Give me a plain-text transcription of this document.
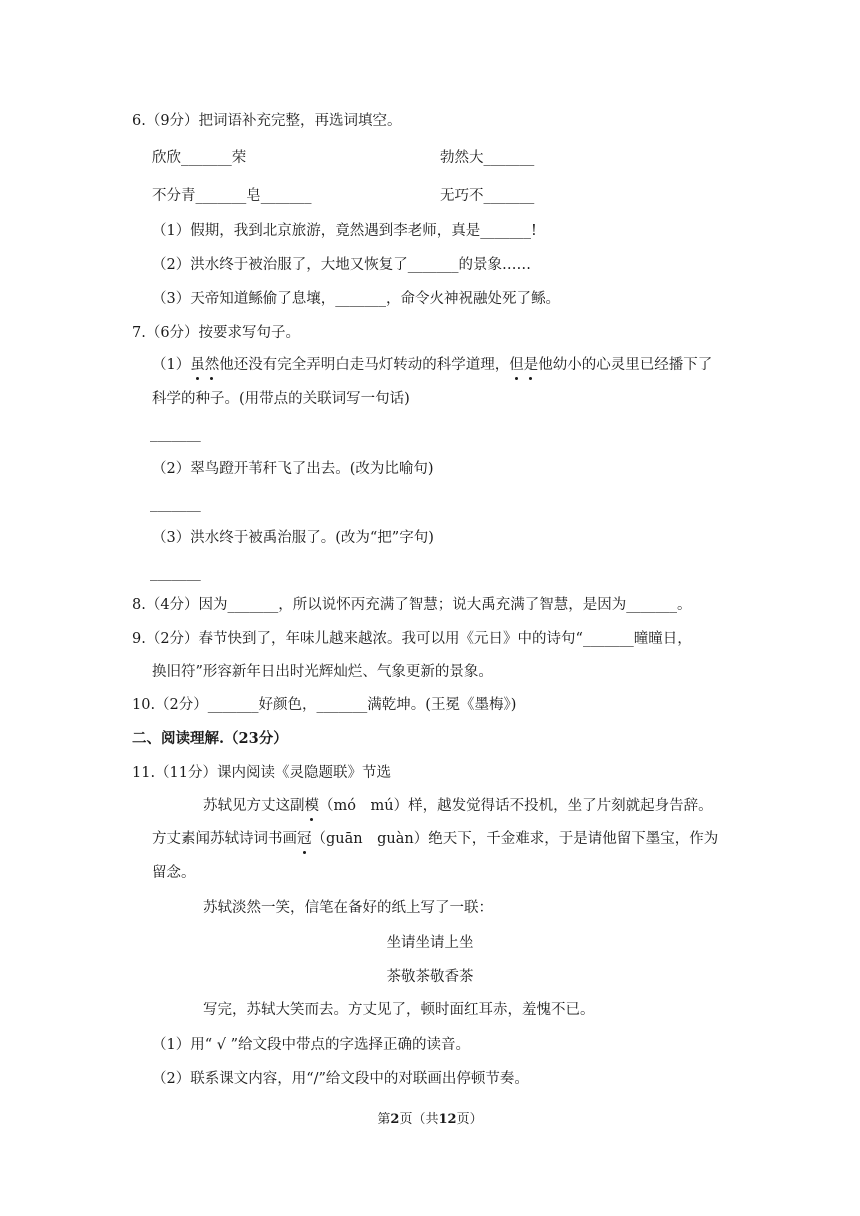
6.（9分）把词语补充完整，再选词填空。
欣欣_______荣	勃然大_______
不分青_______皂_______	无巧不_______
（1）假期，我到北京旅游，竟然遇到李老师，真是_______!
（2）洪水终于被治服了，大地又恢复了_______的景象……
（3）天帝知道鲧偷了息壤，_______，命令火神祝融处死了鲧。
7.（6分）按要求写句子。
（1）虽然他还没有完全弄明白走马灯转动的科学道理，但是他幼小的心灵里已经播下了
科学的种子。(用带点的关联词写一句话)
_______
（2）翠鸟蹬开苇秆飞了出去。(改为比喻句)
_______
（3）洪水终于被禹治服了。(改为“把”字句)
_______
8.（4分）因为_______，所以说怀丙充满了智慧；说大禹充满了智慧，是因为_______。
9.（2分）春节快到了，年味儿越来越浓。我可以用《元日》中的诗句“_______曈曈日，
换旧符”形容新年日出时光辉灿烂、气象更新的景象。
10.（2分）_______好颜色，_______满乾坤。(王冕《墨梅》)
二、阅读理解.（23分）
11.（11分）课内阅读《灵隐题联》节选
苏轼见方丈这副模（mó　mú）样，越发觉得话不投机，坐了片刻就起身告辞。
方丈素闻苏轼诗词书画冠（guān　guàn）绝天下，千金难求，于是请他留下墨宝，作为
留念。
苏轼淡然一笑，信笔在备好的纸上写了一联：
坐请坐请上坐
茶敬茶敬香茶
写完，苏轼大笑而去。方丈见了，顿时面红耳赤，羞愧不已。
（1）用“ √ ”给文段中带点的字选择正确的读音。
（2）联系课文内容，用“/”给文段中的对联画出停顿节奏。
第2页（共12页）
